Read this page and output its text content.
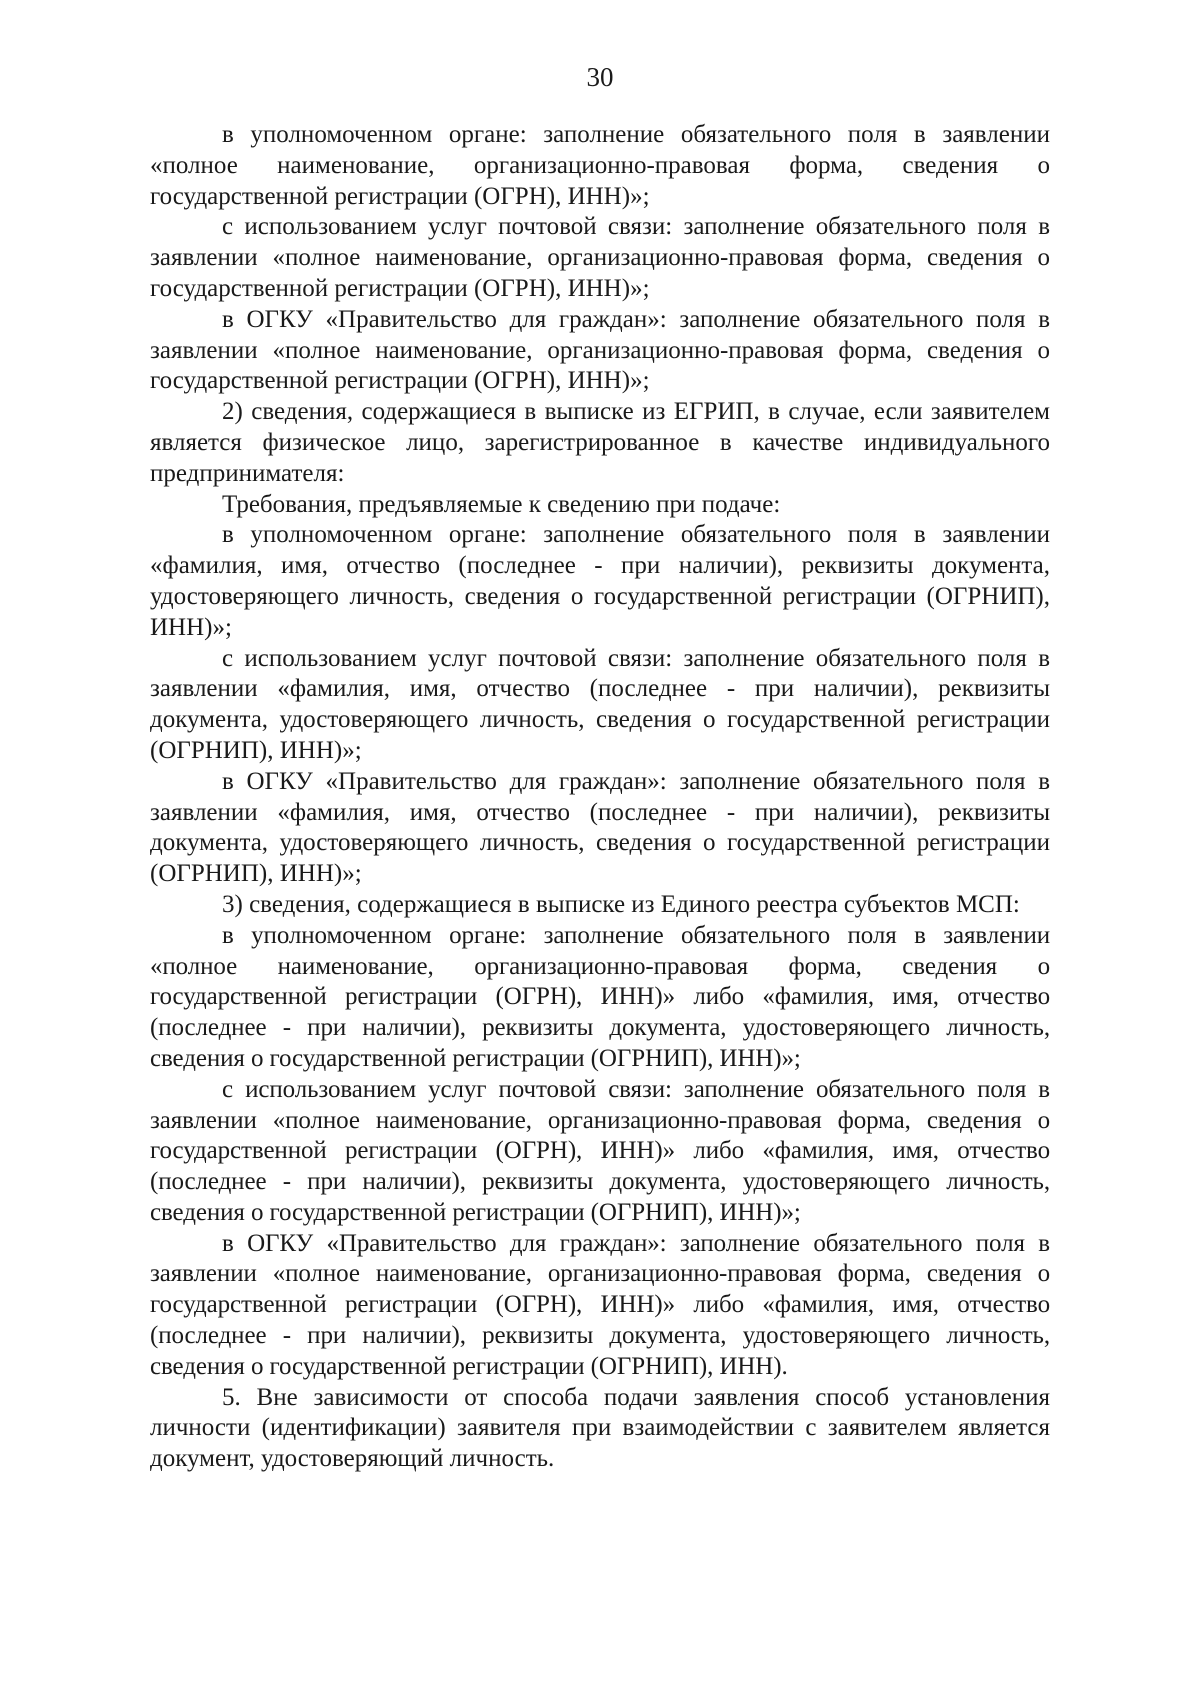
30

в уполномоченном органе: заполнение обязательного поля в заявлении «полное наименование, организационно-правовая форма, сведения о государственной регистрации (ОГРН), ИНН)»;

с использованием услуг почтовой связи: заполнение обязательного поля в заявлении «полное наименование, организационно-правовая форма, сведения о государственной регистрации (ОГРН), ИНН)»;

в ОГКУ «Правительство для граждан»: заполнение обязательного поля в заявлении «полное наименование, организационно-правовая форма, сведения о государственной регистрации (ОГРН), ИНН)»;

2) сведения, содержащиеся в выписке из ЕГРИП, в случае, если заявителем является физическое лицо, зарегистрированное в качестве индивидуального предпринимателя:

Требования, предъявляемые к сведению при подаче:

в уполномоченном органе: заполнение обязательного поля в заявлении «фамилия, имя, отчество (последнее - при наличии), реквизиты документа, удостоверяющего личность, сведения о государственной регистрации (ОГРНИП), ИНН)»;

с использованием услуг почтовой связи: заполнение обязательного поля в заявлении «фамилия, имя, отчество (последнее - при наличии), реквизиты документа, удостоверяющего личность, сведения о государственной регистрации (ОГРНИП), ИНН)»;

в ОГКУ «Правительство для граждан»: заполнение обязательного поля в заявлении «фамилия, имя, отчество (последнее - при наличии), реквизиты документа, удостоверяющего личность, сведения о государственной регистрации (ОГРНИП), ИНН)»;

3) сведения, содержащиеся в выписке из Единого реестра субъектов МСП:

в уполномоченном органе: заполнение обязательного поля в заявлении «полное наименование, организационно-правовая форма, сведения о государственной регистрации (ОГРН), ИНН)» либо «фамилия, имя, отчество (последнее - при наличии), реквизиты документа, удостоверяющего личность, сведения о государственной регистрации (ОГРНИП), ИНН)»;

с использованием услуг почтовой связи: заполнение обязательного поля в заявлении «полное наименование, организационно-правовая форма, сведения о государственной регистрации (ОГРН), ИНН)» либо «фамилия, имя, отчество (последнее - при наличии), реквизиты документа, удостоверяющего личность, сведения о государственной регистрации (ОГРНИП), ИНН)»;

в ОГКУ «Правительство для граждан»: заполнение обязательного поля в заявлении «полное наименование, организационно-правовая форма, сведения о государственной регистрации (ОГРН), ИНН)» либо «фамилия, имя, отчество (последнее - при наличии), реквизиты документа, удостоверяющего личность, сведения о государственной регистрации (ОГРНИП), ИНН).

5. Вне зависимости от способа подачи заявления способ установления личности (идентификации) заявителя при взаимодействии с заявителем является документ, удостоверяющий личность.
